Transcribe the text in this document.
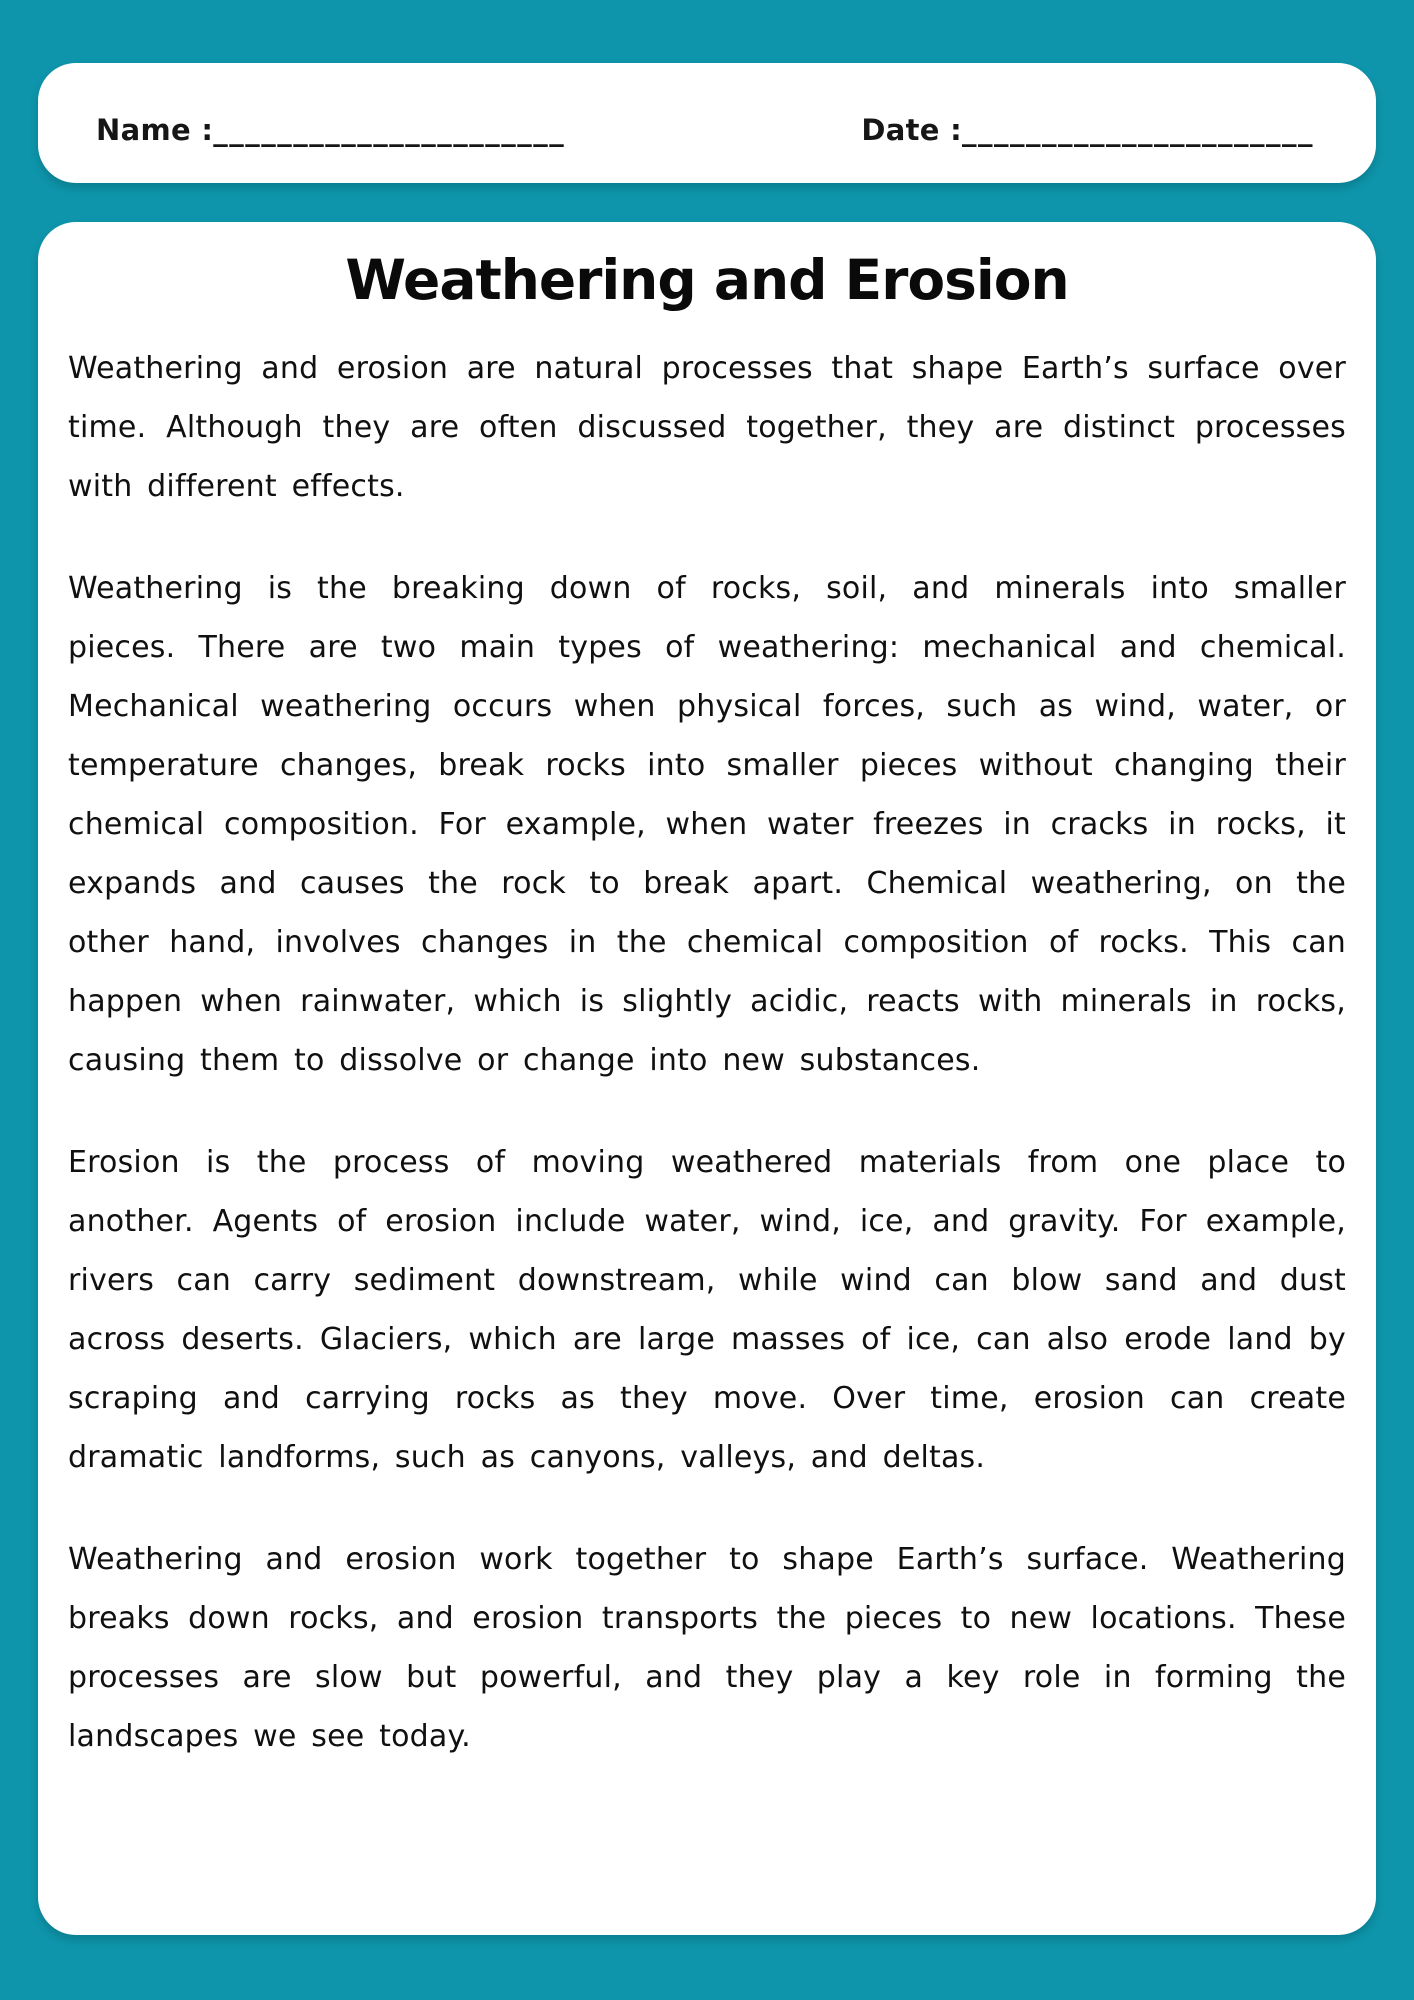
Name :______________________	Date :______________________
Weathering and Erosion

Weathering and erosion are natural processes that shape Earth’s surface over time. Although they are often discussed together, they are distinct processes with different effects.

Weathering is the breaking down of rocks, soil, and minerals into smaller pieces. There are two main types of weathering: mechanical and chemical. Mechanical weathering occurs when physical forces, such as wind, water, or temperature changes, break rocks into smaller pieces without changing their chemical composition. For example, when water freezes in cracks in rocks, it expands and causes the rock to break apart. Chemical weathering, on the other hand, involves changes in the chemical composition of rocks. This can happen when rainwater, which is slightly acidic, reacts with minerals in rocks, causing them to dissolve or change into new substances.

Erosion is the process of moving weathered materials from one place to another. Agents of erosion include water, wind, ice, and gravity. For example, rivers can carry sediment downstream, while wind can blow sand and dust across deserts. Glaciers, which are large masses of ice, can also erode land by scraping and carrying rocks as they move. Over time, erosion can create dramatic landforms, such as canyons, valleys, and deltas.

Weathering and erosion work together to shape Earth’s surface. Weathering breaks down rocks, and erosion transports the pieces to new locations. These processes are slow but powerful, and they play a key role in forming the landscapes we see today.
